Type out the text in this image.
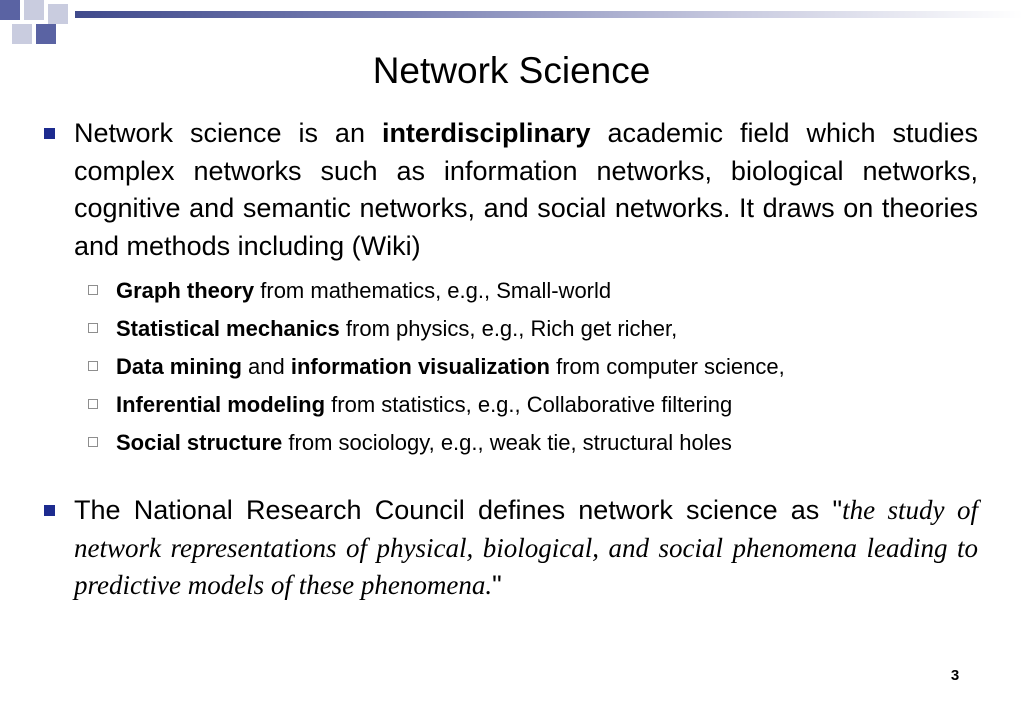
Network Science
Network science is an interdisciplinary academic field which studies complex networks such as information networks, biological networks, cognitive and semantic networks, and social networks. It draws on theories and methods including (Wiki)
Graph theory from mathematics, e.g., Small-world
Statistical mechanics from physics, e.g., Rich get richer,
Data mining and information visualization from computer science,
Inferential modeling from statistics, e.g., Collaborative filtering
Social structure from sociology, e.g., weak tie, structural holes
The National Research Council defines network science as "the study of network representations of physical, biological, and social phenomena leading to predictive models of these phenomena."
3
